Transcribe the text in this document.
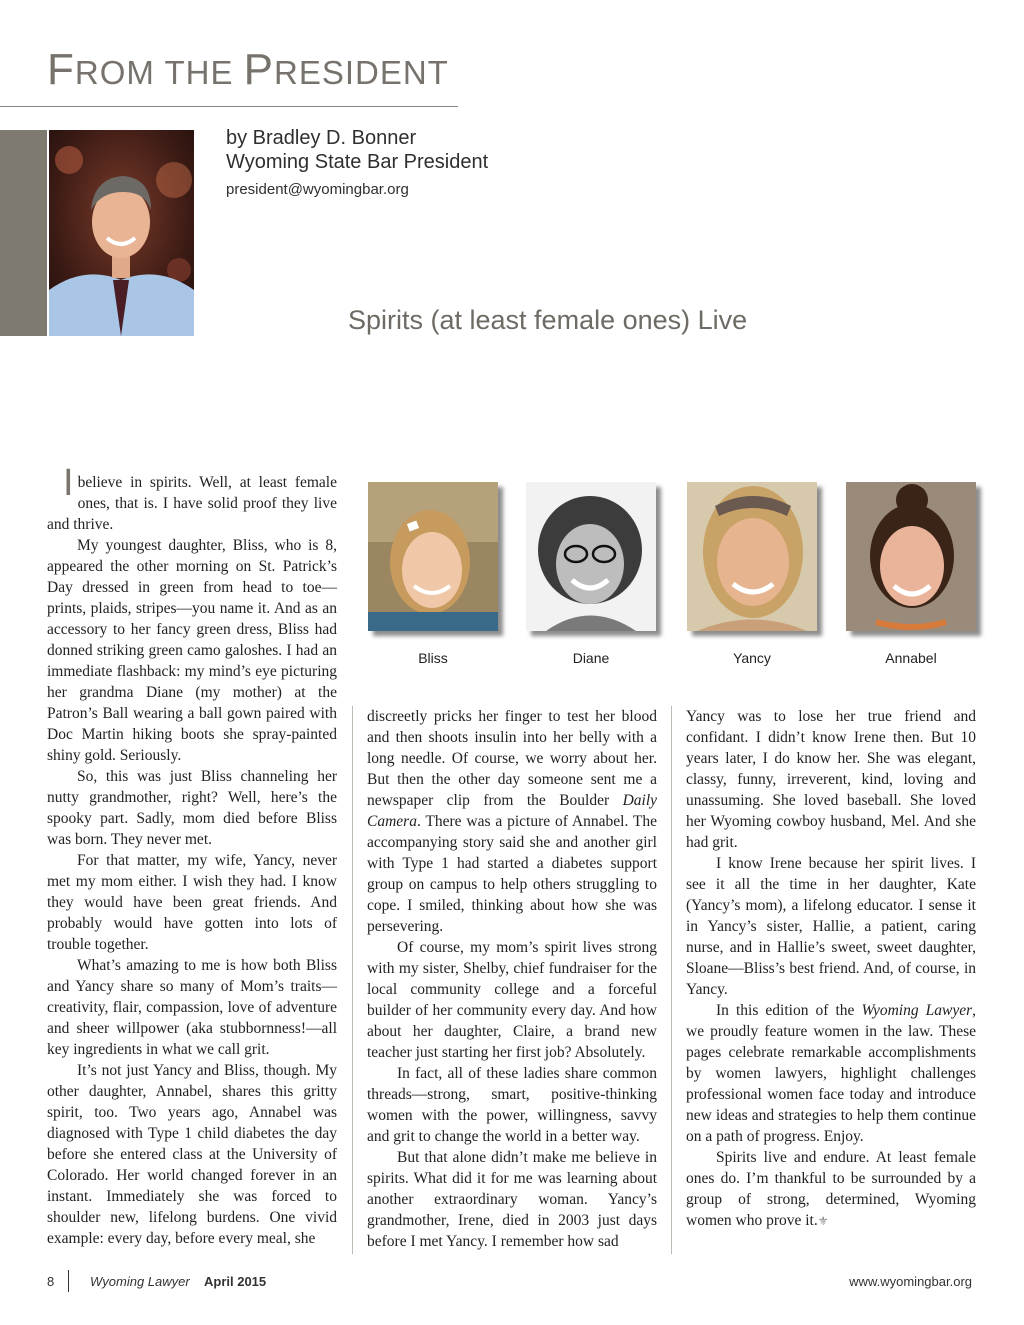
FROM THE PRESIDENT
by Bradley D. Bonner
Wyoming State Bar President
president@wyomingbar.org
Spirits (at least female ones) Live
Bliss	Diane	Yancy	Annabel

Ibelieve in spirits. Well, at least female ones, that is. I have solid proof they live and thrive.

My youngest daughter, Bliss, who is 8, appeared the other morning on St. Patrick’s Day dressed in green from head to toe—prints, plaids, stripes—you name it. And as an accessory to her fancy green dress, Bliss had donned striking green camo galoshes. I had an immediate flashback: my mind’s eye picturing her grandma Diane (my mother) at the Patron’s Ball wearing a ball gown paired with Doc Martin hiking boots she spray-painted shiny gold. Seriously.

So, this was just Bliss channeling her nutty grandmother, right? Well, here’s the spooky part. Sadly, mom died before Bliss was born. They never met.

For that matter, my wife, Yancy, never met my mom either. I wish they had. I know they would have been great friends. And probably would have gotten into lots of trouble together.

What’s amazing to me is how both Bliss and Yancy share so many of Mom’s traits—creativity, flair, compassion, love of adventure and sheer willpower (aka stubbornness!—all key ingredients in what we call grit.

It’s not just Yancy and Bliss, though. My other daughter, Annabel, shares this gritty spirit, too. Two years ago, Annabel was diagnosed with Type 1 child diabetes the day before she entered class at the University of Colorado. Her world changed forever in an instant. Immediately she was forced to shoulder new, lifelong burdens. One vivid example: every day, before every meal, she

discreetly pricks her finger to test her blood and then shoots insulin into her belly with a long needle. Of course, we worry about her. But then the other day someone sent me a newspaper clip from the Boulder Daily Camera. There was a picture of Annabel. The accompanying story said she and another girl with Type 1 had started a diabetes support group on campus to help others struggling to cope. I smiled, thinking about how she was persevering.

Of course, my mom’s spirit lives strong with my sister, Shelby, chief fundraiser for the local community college and a forceful builder of her community every day. And how about her daughter, Claire, a brand new teacher just starting her first job? Absolutely.

In fact, all of these ladies share common threads—strong, smart, positive-thinking women with the power, willingness, savvy and grit to change the world in a better way.

But that alone didn’t make me believe in spirits. What did it for me was learning about another extraordinary woman. Yancy’s grandmother, Irene, died in 2003 just days before I met Yancy. I remember how sad

Yancy was to lose her true friend and confidant. I didn’t know Irene then. But 10 years later, I do know her. She was elegant, classy, funny, irreverent, kind, loving and unassuming. She loved baseball. She loved her Wyoming cowboy husband, Mel. And she had grit.

I know Irene because her spirit lives. I see it all the time in her daughter, Kate (Yancy’s mom), a lifelong educator. I sense it in Yancy’s sister, Hallie, a patient, caring nurse, and in Hallie’s sweet, sweet daughter, Sloane—Bliss’s best friend. And, of course, in Yancy.

In this edition of the Wyoming Lawyer, we proudly feature women in the law. These pages celebrate remarkable accomplishments by women lawyers, highlight challenges professional women face today and introduce new ideas and strategies to help them continue on a path of progress. Enjoy.

Spirits live and endure. At least female ones do. I’m thankful to be surrounded by a group of strong, determined, Wyoming women who prove it.⚜

8	Wyoming Lawyer April 2015	www.wyomingbar.org
